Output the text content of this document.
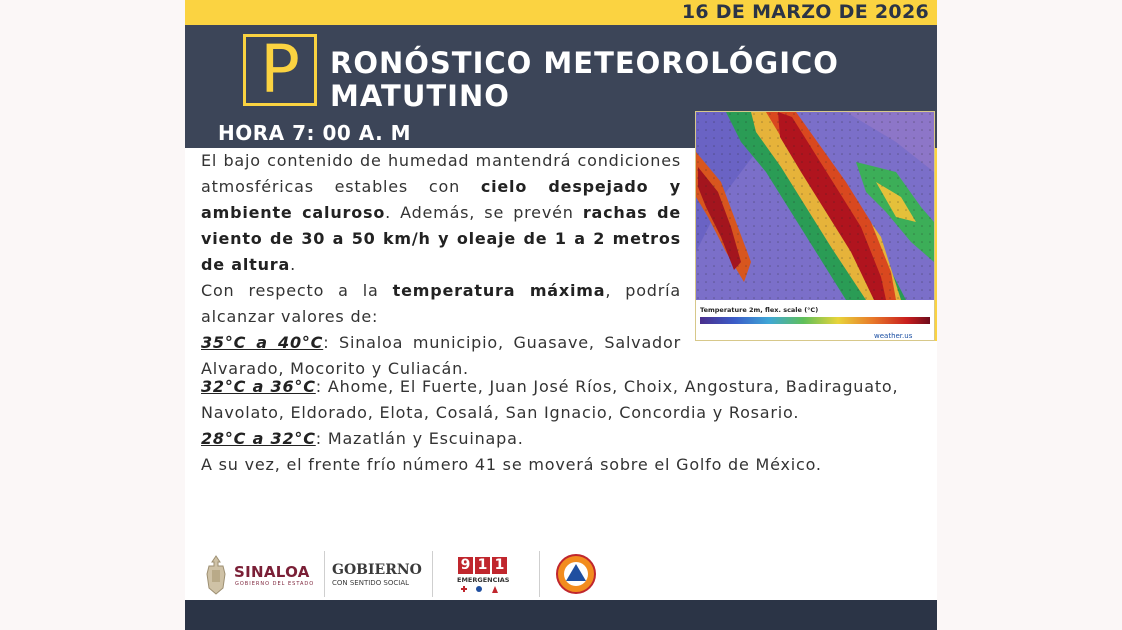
16 DE MARZO DE 2026
P	RONÓSTICO METEOROLÓGICO
MATUTINO
HORA 7: 00 A. M
Temperature 2m, flex. scale (°C)
weather.us

El bajo contenido de humedad mantendrá condiciones atmosféricas estables con cielo despejado y ambiente caluroso. Además, se prevén rachas de viento de 30 a 50 km/h y oleaje de 1 a 2 metros de altura.

Con respecto a la temperatura máxima, podría alcanzar valores de:

35°C a 40°C: Sinaloa municipio, Guasave, Salvador Alvarado, Mocorito y Culiacán.

32°C a 36°C: Ahome, El Fuerte, Juan José Ríos, Choix, Angostura, Badiraguato, Navolato, Eldorado, Elota, Cosalá, San Ignacio, Concordia y Rosario.

28°C a 32°C: Mazatlán y Escuinapa.

A su vez, el frente frío número 41 se moverá sobre el Golfo de México.

SINALOA
GOBIERNO DEL ESTADO
GOBIERNO
CON SENTIDO SOCIAL
9 1 1
EMERGENCIAS
